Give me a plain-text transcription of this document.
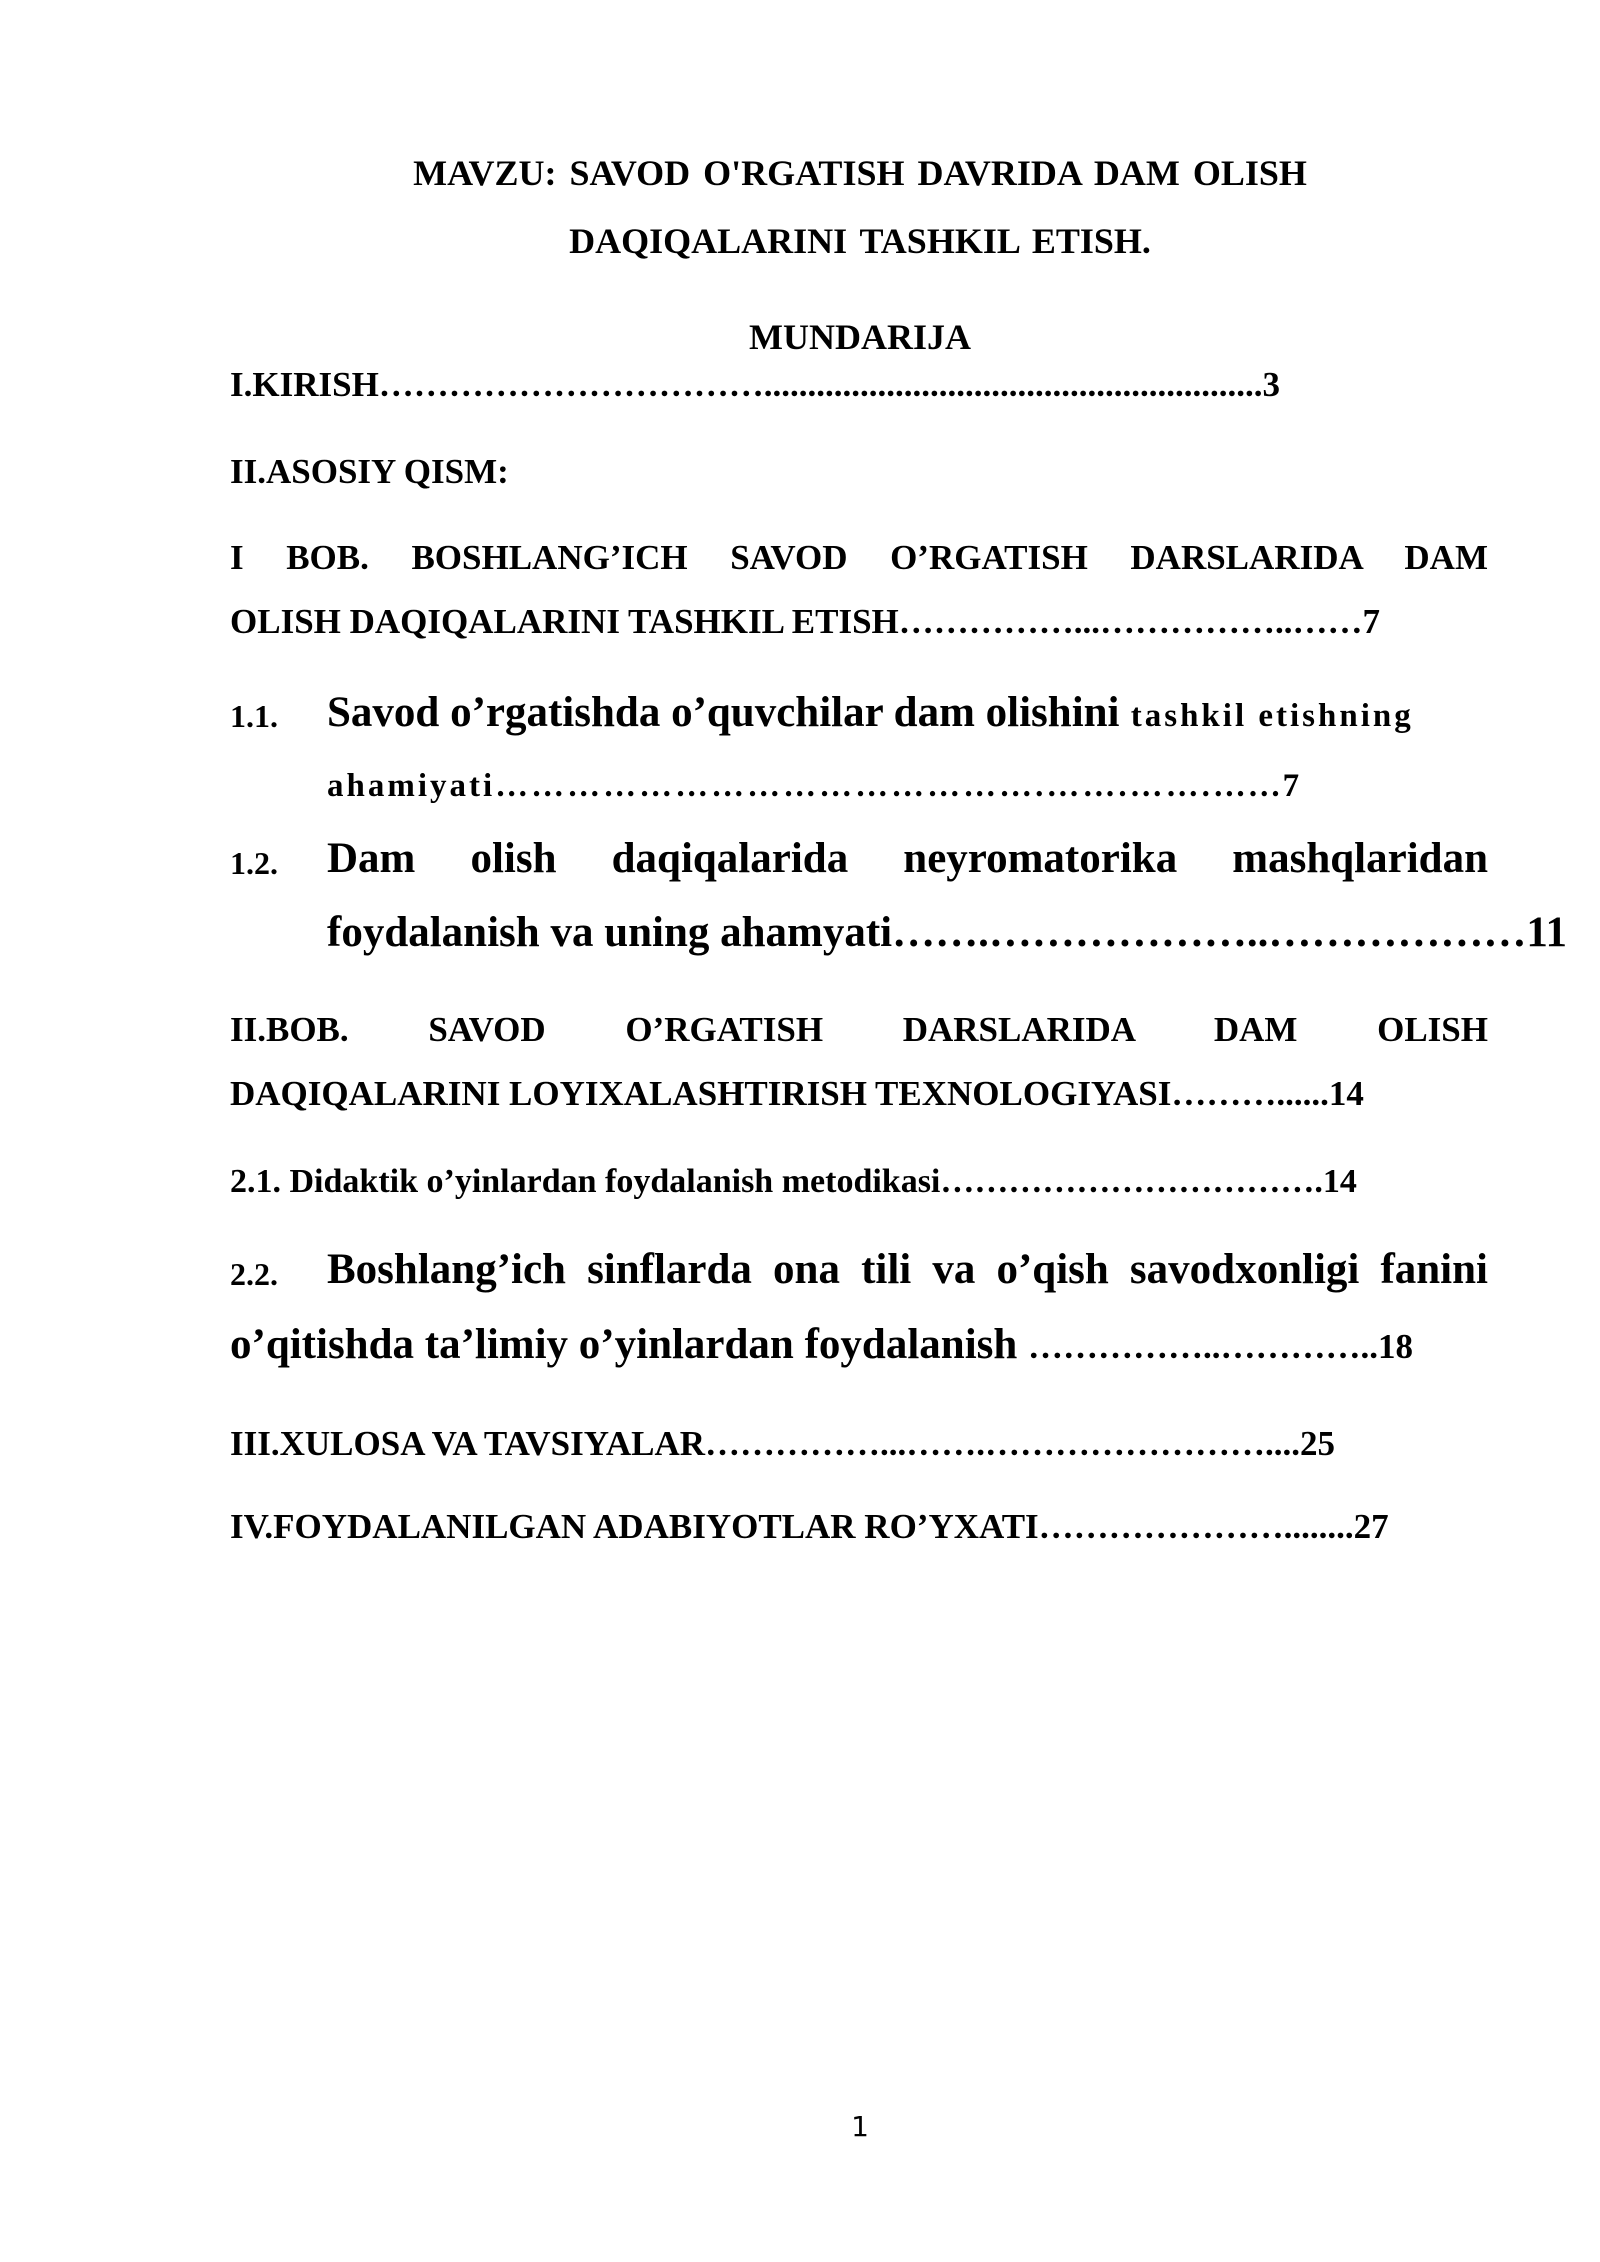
MAVZU: SAVOD O'RGATISH DAVRIDA DAM OLISH
DAQIQALARINI TASHKIL ETISH.
MUNDARIJA
I.KIRISH…………………………….........................................................3
II.ASOSIY QISM:
I BOB. BOSHLANG’ICH SAVOD O’RGATISH DARSLARIDA DAM
OLISH DAQIQALARINI TASHKIL ETISH……………...……………..……7
1.1. Savod o’rgatishda o’quvchilar dam olishini tashkil etishning
ahamiyati……………………………………….…….…….…...7
1.2. Dam olish daqiqalarida neyromatorika mashqlaridan
foydalanish va uning ahamyati…….………………..………………11
II.BOB. SAVOD O’RGATISH DARSLARIDA DAM OLISH
DAQIQALARINI LOYIXALASHTIRISH TEXNOLOGIYASI………......14
2.1. Didaktik o’yinlardan foydalanish metodikasi…………………………….14
2.2. Boshlang’ich sinflarda ona tili va o’qish savodxonligi fanini
o’qitishda ta’limiy o’yinlardan foydalanish ……………..…………..18
III.XULOSA VA TAVSIYALAR……………...…….……………………....25
IV.FOYDALANILGAN ADABIYOTLAR RO’YXATI…………………........27
1
